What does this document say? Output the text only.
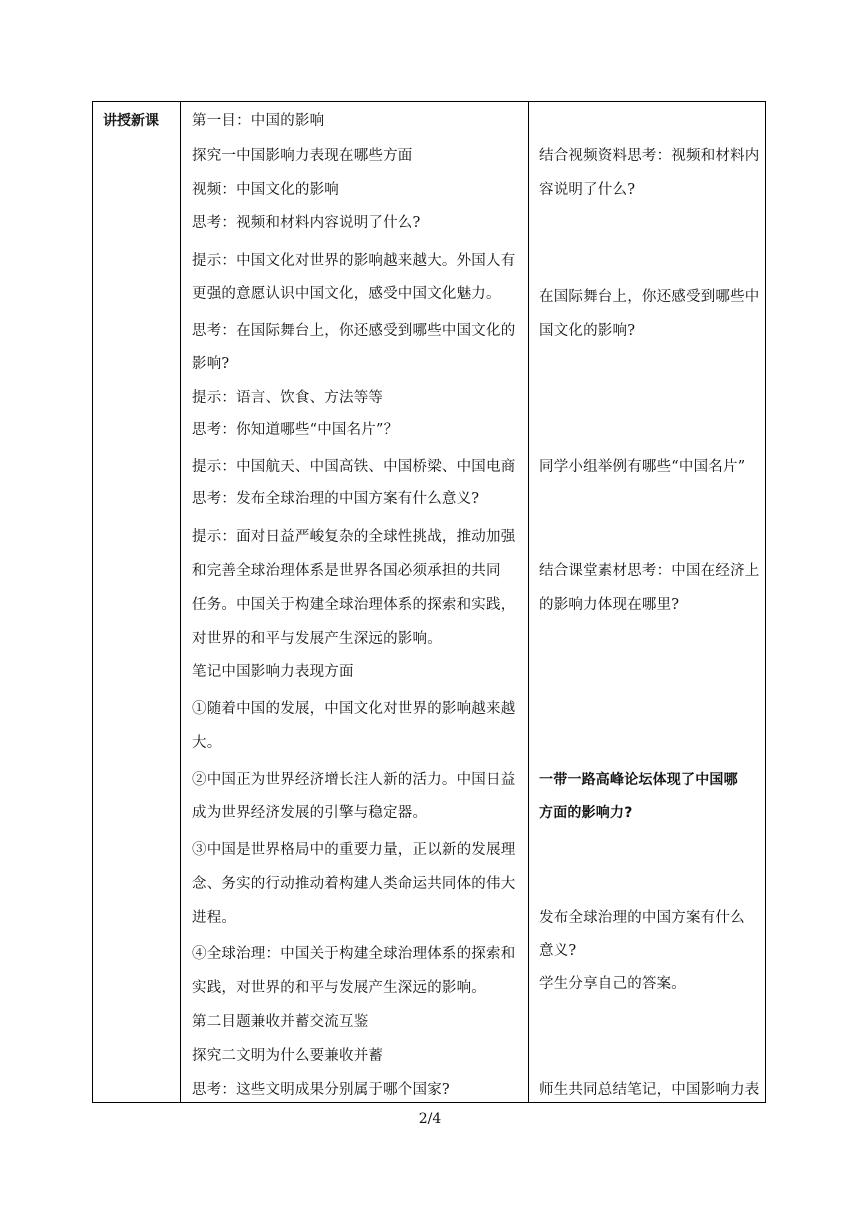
讲授新课	第一目：中国的影响
探究一中国影响力表现在哪些方面
视频：中国文化的影响
思考：视频和材料内容说明了什么?
提示：中国文化对世界的影响越来越大。外国人有
更强的意愿认识中国文化，感受中国文化魅力。
思考：在国际舞台上，你还感受到哪些中国文化的
影响?
提示：语言、饮食、方法等等
思考：你知道哪些“中国名片”？
提示：中国航天、中国高铁、中国桥梁、中国电商
思考：发布全球治理的中国方案有什么意义?
提示：面对日益严峻复杂的全球性挑战，推动加强
和完善全球治理体系是世界各国必须承担的共同
任务。中国关于构建全球治理体系的探索和实践，
对世界的和平与发展产生深远的影响。
笔记中国影响力表现方面
①随着中国的发展，中国文化对世界的影响越来越
大。
②中国正为世界经济增长注人新的活力。中国日益
成为世界经济发展的引擎与稳定器。
③中国是世界格局中的重要力量，正以新的发展理
念、务实的行动推动着构建人类命运共同体的伟大
进程。
④全球治理：中国关于构建全球治理体系的探索和
实践，对世界的和平与发展产生深远的影响。
第二目题兼收并蓄交流互鉴
探究二文明为什么要兼收并蓄
思考：这些文明成果分别属于哪个国家?
结合视频资料思考：视频和材料内
容说明了什么?
在国际舞台上，你还感受到哪些中
国文化的影响?
同学小组举例有哪些“中国名片”
结合课堂素材思考：中国在经济上
的影响力体现在哪里?
一带一路高峰论坛体现了中国哪
方面的影响力?
发布全球治理的中国方案有什么
意义?
学生分享自己的答案。
师生共同总结笔记，中国影响力表
2/4
